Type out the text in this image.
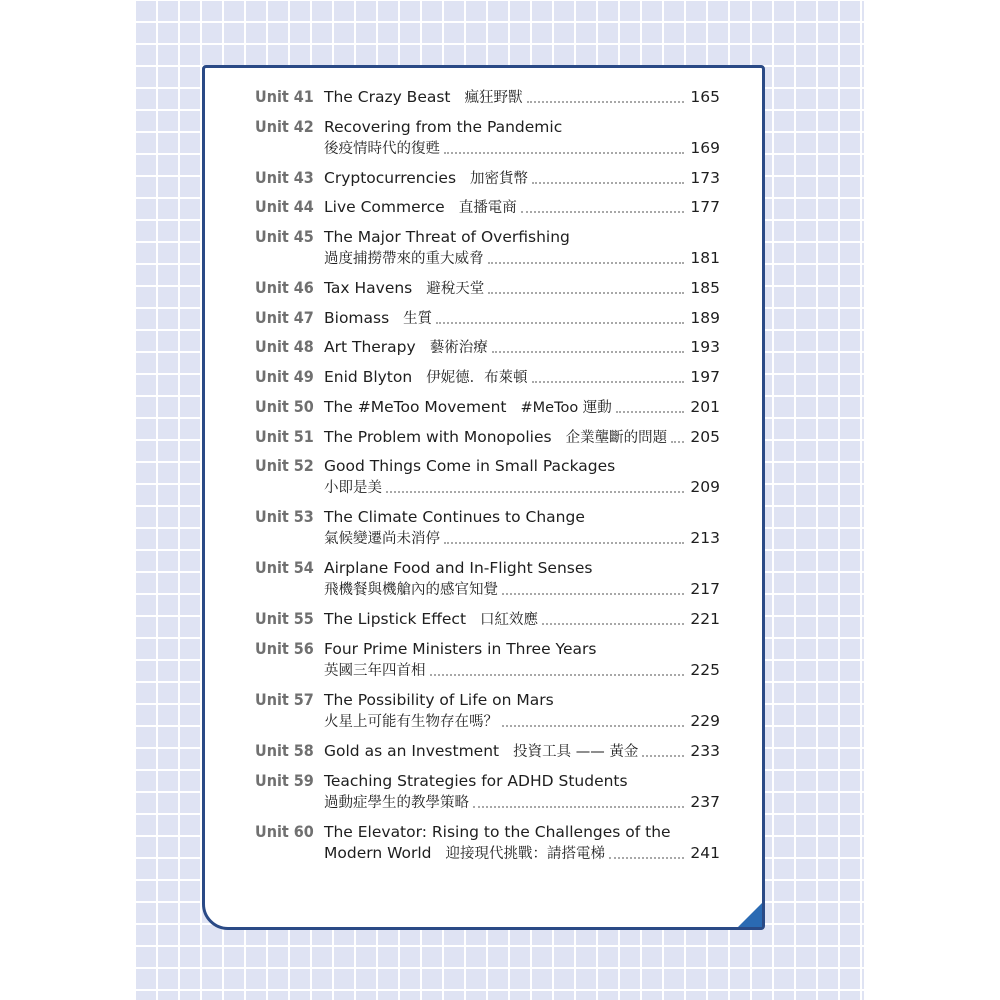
Unit 41 The Crazy Beast 瘋狂野獸	165
Unit 42 Recovering from the Pandemic
後疫情時代的復甦	169
Unit 43 Cryptocurrencies 加密貨幣	173
Unit 44 Live Commerce 直播電商	177
Unit 45 The Major Threat of Overfishing
過度捕撈帶來的重大威脅	181
Unit 46 Tax Havens 避稅天堂	185
Unit 47 Biomass 生質	189
Unit 48 Art Therapy 藝術治療	193
Unit 49 Enid Blyton 伊妮德．布萊頓	197
Unit 50 The #MeToo Movement #MeToo 運動	201
Unit 51 The Problem with Monopolies 企業壟斷的問題 205
Unit 52 Good Things Come in Small Packages
小即是美	209
Unit 53 The Climate Continues to Change
氣候變遷尚未消停	213
Unit 54 Airplane Food and In-Flight Senses
飛機餐與機艙內的感官知覺	217
Unit 55 The Lipstick Effect 口紅效應	221
Unit 56 Four Prime Ministers in Three Years
英國三年四首相	225
Unit 57 The Possibility of Life on Mars
火星上可能有生物存在嗎？	229
Unit 58 Gold as an Investment 投資工具 —— 黃金	233
Unit 59 Teaching Strategies for ADHD Students
過動症學生的教學策略	237
Unit 60 The Elevator: Rising to the Challenges of the
Modern World 迎接現代挑戰：請搭電梯	241
